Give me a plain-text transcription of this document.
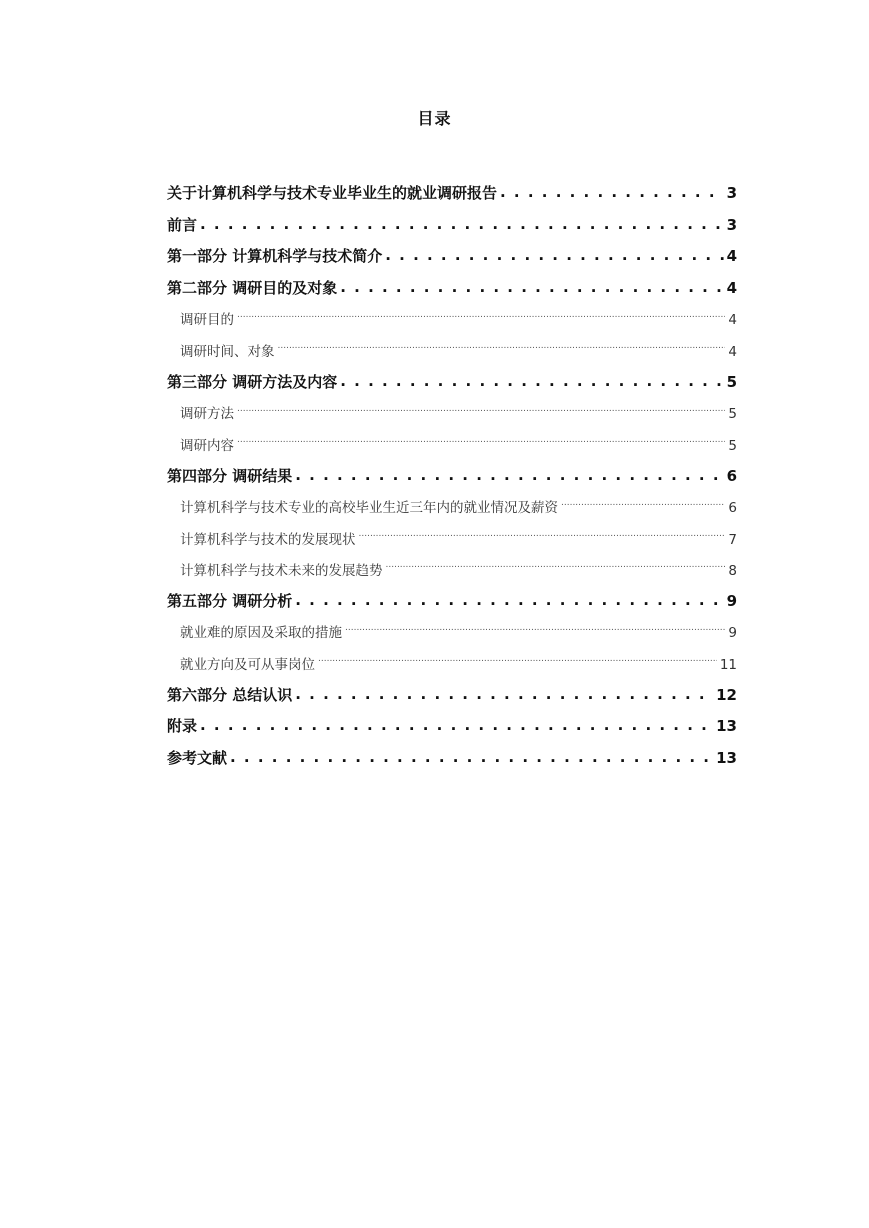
目录
关于计算机科学与技术专业毕业生的就业调研报告 . . .	3
前言 . . .	3
第一部分 计算机科学与技术简介 . . .	4
第二部分 调研目的及对象 . . .	4
调研目的 .....	4
调研时间、对象 .....	4
第三部分 调研方法及内容 . . .	5
调研方法 .....	5
调研内容 .....	5
第四部分 调研结果 . . .	6
计算机科学与技术专业的高校毕业生近三年内的就业情况及薪资 .....	6
计算机科学与技术的发展现状 .....	7
计算机科学与技术未来的发展趋势 .....	8
第五部分 调研分析 . . .	9
就业难的原因及采取的措施 .....	9
就业方向及可从事岗位 .....	11
第六部分 总结认识 . . .	12
附录 . . .	13
参考文献 . . .	13
